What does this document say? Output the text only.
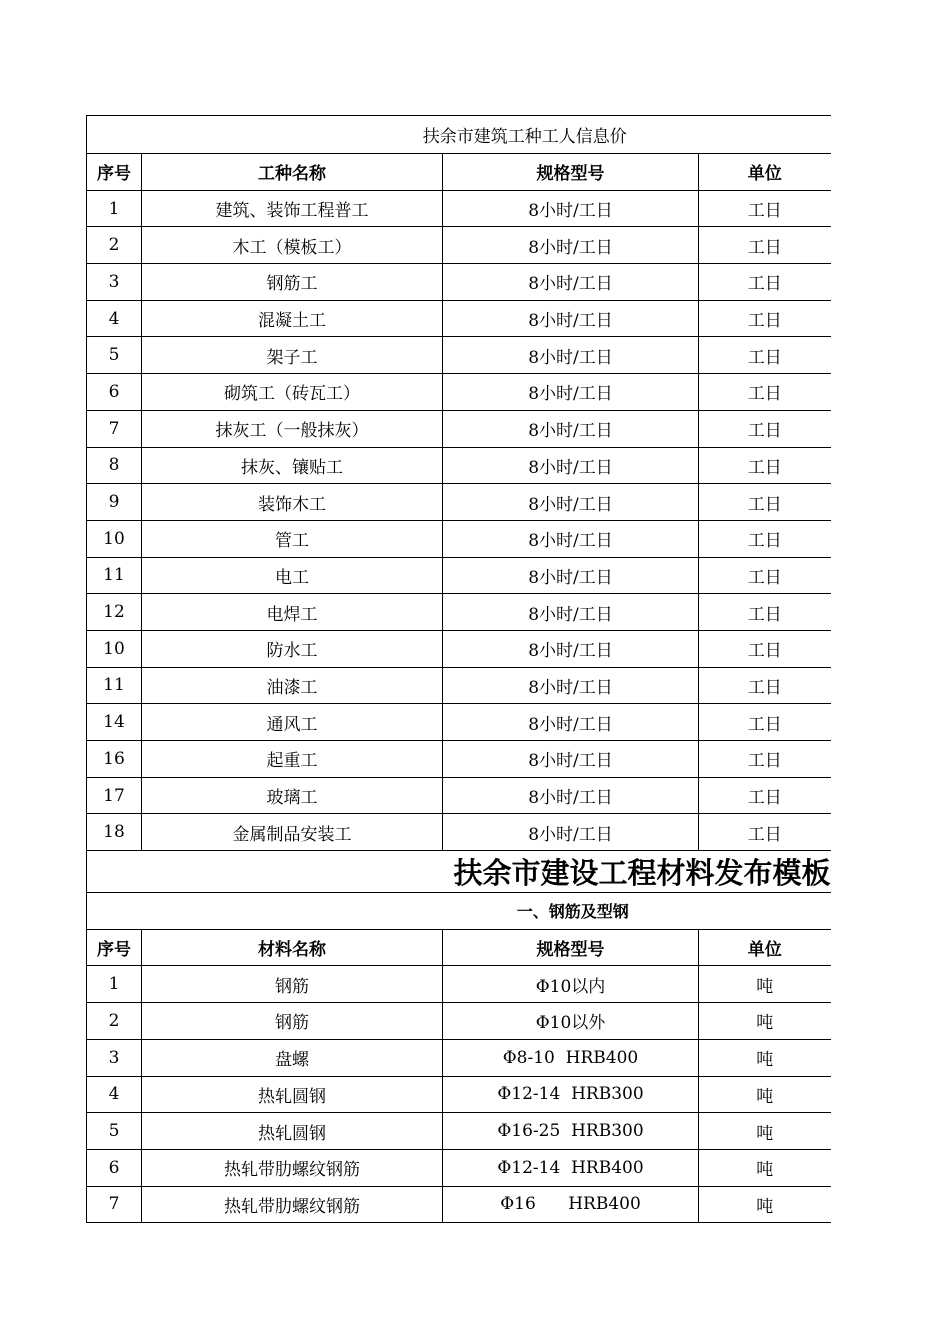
扶余市建筑工种工人信息价			

序号	工种名称	规格型号	单位
1	建筑、装饰工程普工	8小时/工日	工日
2	木工（模板工）	8小时/工日	工日
3	钢筋工	8小时/工日	工日
4	混凝土工	8小时/工日	工日
5	架子工	8小时/工日	工日
6	砌筑工（砖瓦工）	8小时/工日	工日
7	抹灰工（一般抹灰）	8小时/工日	工日
8	抹灰、镶贴工	8小时/工日	工日
9	装饰木工	8小时/工日	工日
10	管工	8小时/工日	工日
11	电工	8小时/工日	工日
12	电焊工	8小时/工日	工日
10	防水工	8小时/工日	工日
11	油漆工	8小时/工日	工日
14	通风工	8小时/工日	工日
16	起重工	8小时/工日	工日
17	玻璃工	8小时/工日	工日
18	金属制品安装工	8小时/工日	工日
扶余市建设工程材料发布模板			

一、钢筋及型钢			

序号	材料名称	规格型号	单位
1	钢筋	Φ10以内	吨
2	钢筋	Φ10以外	吨
3	盘螺	Φ8-10  HRB400	吨
4	热轧圆钢	Φ12-14  HRB300	吨
5	热轧圆钢	Φ16-25  HRB300	吨
6	热轧带肋螺纹钢筋	Φ12-14  HRB400	吨
7	热轧带肋螺纹钢筋	Φ16      HRB400	吨
